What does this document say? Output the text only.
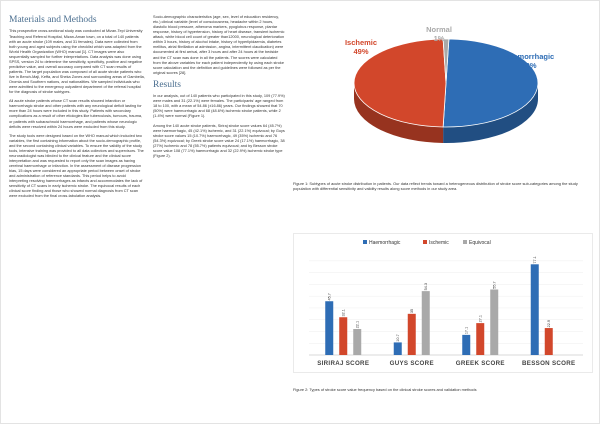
Materials and Methods
This prospective cross-sectional study was conducted at Mizan-Tepi University Teaching and Referral Hospital, Mizan-Aman town, on a total of 140 patients with an acute stroke (109 males, and 31 females). Data were collected from both young and aged subjects using the checklist which was adapted from the World Health Organization (WHO) manual [1]. CT images were also sequentially sampled for further interpretations. Data analysis was done using SPSS, version 24 to determine the sensitivity, specificity, positive and negative predictive value, and overall accuracy compared with CT scan results of patients. The target population was composed of all acute stroke patients who live in Bench-Maji, Keffa, and Sheka Zones and surrounding areas of Gambella, Oromia and Southern nations, and nationalities. We sampled individuals who were admitted to the emergency outpatient department of the referral hospital for the diagnosis of stroke subtypes.
All acute stroke patients whose CT scan results showed infarction or haemorrhagic stroke and other patients with any neurological deficit lasting for more than 24 hours were included in this study. Patients with secondary complications as a result of other etiologies like tuberculosis, tumours, trauma, or patients with subarachnoid haemorrhage, and patients whose neurologic deficits were resolved within 24 hours were excluded from this study.
The study tools were designed based on the WHO manual which included two variables, the first containing information about the socio-demographic profile, and the second containing clinical variables. To ensure the validity of the study tools, intensive training was provided to all data collectors and supervisors. The neuroradiologist was blinded to the clinical feature and the clinical score interpretation and was requested to report only the scan images as having cerebral haemorrhage or infarction. In the assessment of disease progression bias, 15 days were considered an appropriate period between onset of stroke and administration of reference standards. This period helps to avoid interpreting resolving haemorrhages as infarcts and accommodates the lack of sensitivity of CT scans in early ischemic stroke. The equivocal results of each clinical score finding and those who showed normal diagnosis from CT scan were excluded from the final cross-tabulation analysis.
Socio-demographic characteristics (age, sex, level of education residency, etc.) clinical variable (level of consciousness, headache within 2 hours, diastolic blood pressure, atheroma markers, pyoglobus response, plantar response, history of hypertension, history of heart disease, transient ischemic attack, white blood cell count of greater than12000, neurological deterioration within 3 hours, history of alcohol intake, history of hyperlipidaemia, diabetes mellitus, atrial fibrillation at admission, angina, intermittent claudication) were documented at first arrival, after 3 hours and after 24 hours at the bedside and the CT scan was done in all the patients. The scores were calculated from the above variables for each patient independently by using each stroke score calculation and the definition and guidelines were followed as per the original scores [28].
Results
In our analysis, out of 140 patients who participated in this study, 109 (77.9%) were males and 31 (22.1%) were females. The participants' age ranged from 18 to 100, with a mean of 54.86 (±16.86) years. Our findings showed that 70 (50%) were haemorrhagic and 68 (48.6%) ischemic stroke patients, while 2 (1.4%) were normal (Figure 1).
Among the 140 acute stroke patients, Siriraj stroke score values 64 (45.7%) were haemorrhagic, 45 (42.1%) ischemic, and 31 (22.1%) equivocal; by Guys stroke score values 15 (10.7%) haemorrhagic, 49 (35%) ischemic and 76 (54.3%) equivocal; by Greek stroke score value 24 (17.1%) haemorrhagic, 38 (27%) ischemic and 78 (55.7%) patients equivocal; and by Besson stroke score value 108 (77.1%) haemorrhagic and 32 (22.9%) ischemic stroke type (Figure 2).
Haemorrhagic
50%
Ischemic
49%
Normal
1%
Figure 1: Subtypes of acute stroke distribution in patients. Our data reflect trends toward a heterogeneous distribution of stroke score sub-categories among the study population with differential sensitivity and validity results along score methods in our study area.
Haemorrhagic	Ischemic	Equivocal
45.7
32.1
22.1
SIRIRAJ SCORE
10.7
35
54.3
GUYS SCORE
17.1
27.1
55.7
GREEK SCORE
77.1
22.9
BESSON SCORE
Figure 2: Types of stroke score value frequency based on the clinical stroke scores and validation methods
